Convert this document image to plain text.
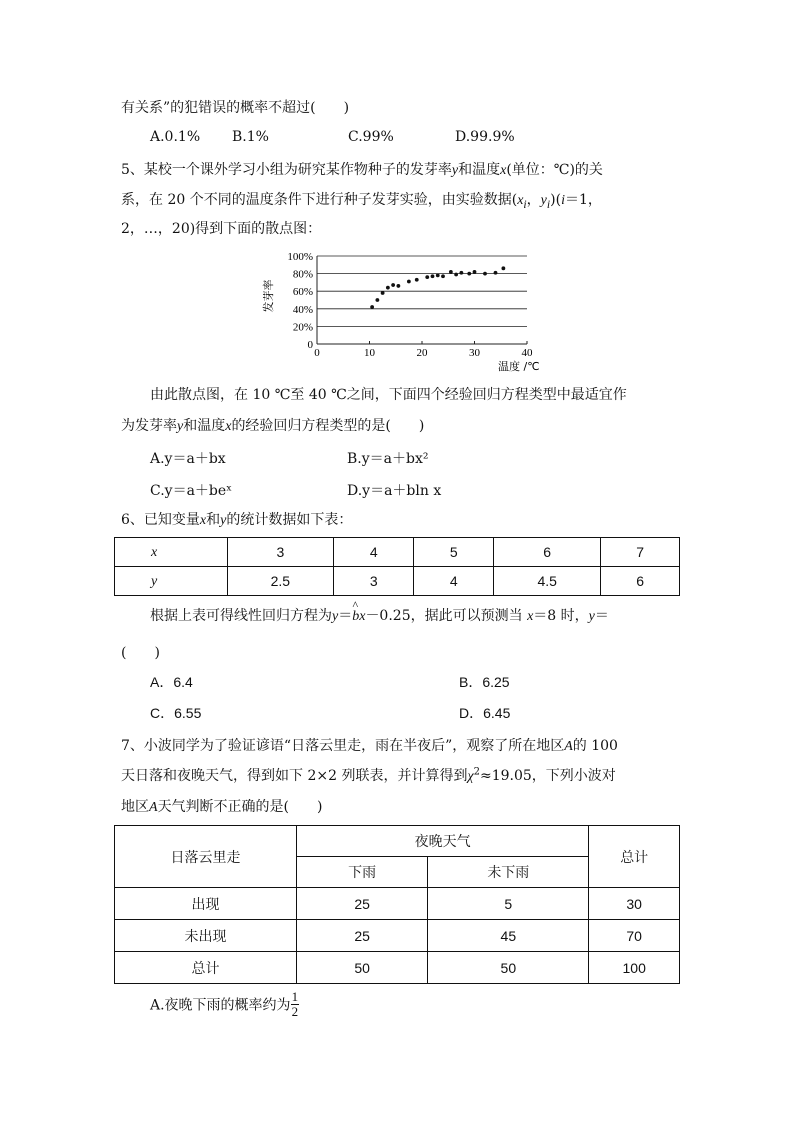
有关系”的犯错误的概率不超过(　　)
A.0.1% B.1%	C.99%	D.99.9%
5、某校一个课外学习小组为研究某作物种子的发芽率y和温度x(单位：℃)的关
系，在 20 个不同的温度条件下进行种子发芽实验，由实验数据($x_i$，$y_i)(i=1$，
2，…，20)得到下面的散点图：
0
20%
40%
60%
80%
100%
0	10	20	30	40
发芽率
温度 /℃
由此散点图，在 10 ℃至 40 ℃之间，下面四个经验回归方程类型中最适宜作
为发芽率y和温度x的经验回归方程类型的是(　　)
A.y＝a＋bx	B.y＝a＋bx²
C.y＝a＋beˣ	D.y＝a＋bln x
6、已知变量x和y的统计数据如下表：
x	3	4	5	6	7
y	2.5	3	4	4.5	6
根据上表可得线性回归方程为y＝^ bx－0.25，据此可以预测当 x＝8 时，y＝
(　　)
A．6.4	B．6.25
C．6.55	D．6.45
7、小波同学为了验证谚语“日落云里走，雨在半夜后”，观察了所在地区A的 100
天日落和夜晚天气，得到如下 2×2 列联表，并计算得到$\chi^2\approx 19.05$，下列小波对
地区A天气判断不正确的是(　　)
日落云里走	夜晚天气		总计
	下雨	未下雨	
出现	25	5	30
未出现	25	45	70
总计	50	50	100
A.夜晚下雨的概率约为 $\frac{1}{2}$
